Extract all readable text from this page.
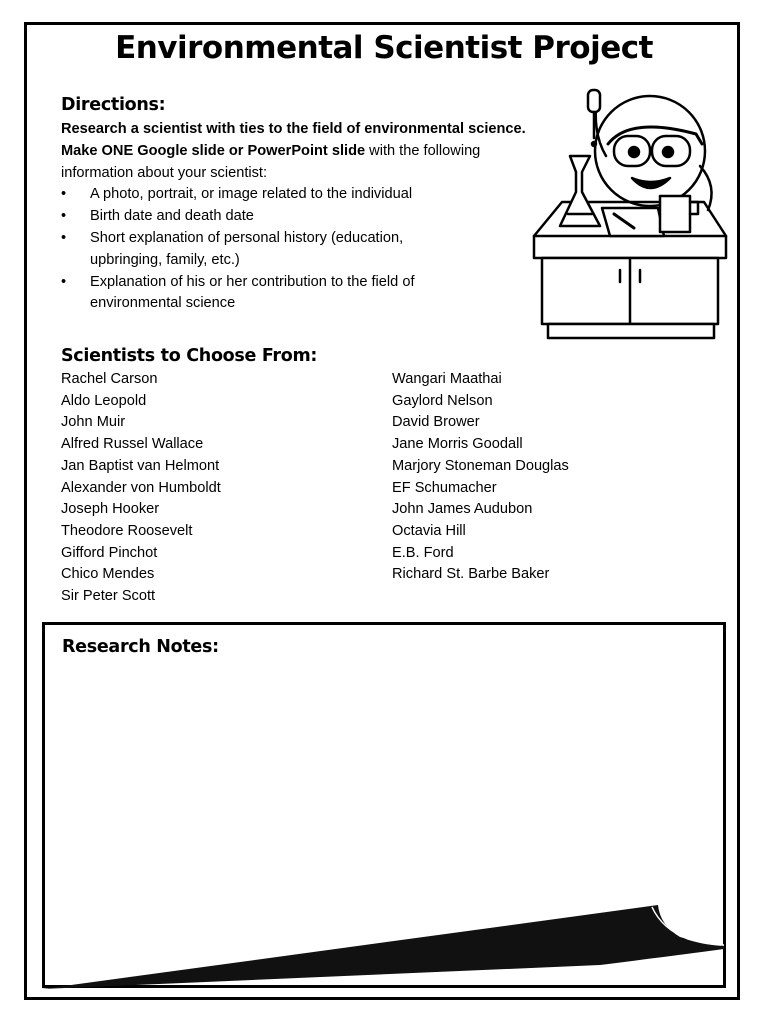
Environmental Scientist Project
Directions:

Research a scientist with ties to the field of environmental science.

Make ONE Google slide or PowerPoint slide with the following information about your scientist:

• A photo, portrait, or image related to the individual
• Birth date and death date
• Short explanation of personal history (education, upbringing, family, etc.)
• Explanation of his or her contribution to the field of environmental science
Scientists to Choose From:
Rachel Carson
Aldo Leopold
John Muir
Alfred Russel Wallace
Jan Baptist van Helmont
Alexander von Humboldt
Joseph Hooker
Theodore Roosevelt
Gifford Pinchot
Chico Mendes
Sir Peter Scott
Wangari Maathai
Gaylord Nelson
David Brower
Jane Morris Goodall
Marjory Stoneman Douglas
EF Schumacher
John James Audubon
Octavia Hill
E.B. Ford
Richard St. Barbe Baker
Research Notes:
